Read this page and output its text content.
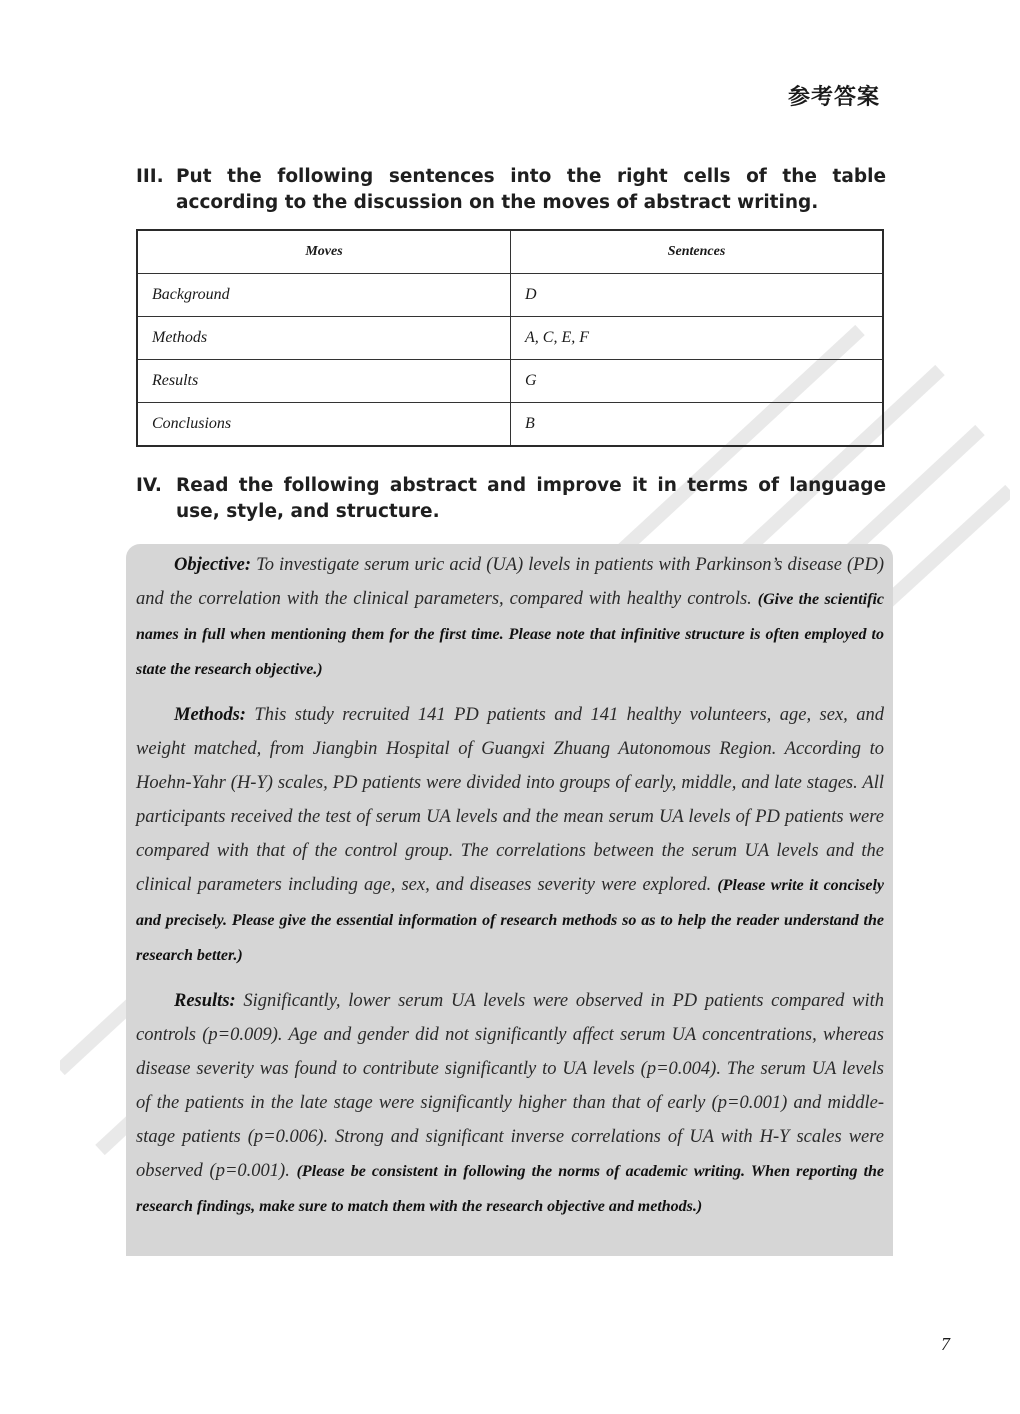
参考答案
III. Put the following sentences into the right cells of the table according to the discussion on the moves of abstract writing.
Moves	Sentences
Background	D
Methods	A, C, E, F
Results	G
Conclusions	B
IV. Read the following abstract and improve it in terms of language use, style, and structure.

Objective: To investigate serum uric acid (UA) levels in patients with Parkinson’s disease (PD) and the correlation with the clinical parameters, compared with healthy controls. (Give the scientific names in full when mentioning them for the first time. Please note that infinitive structure is often employed to state the research objective.)

Methods: This study recruited 141 PD patients and 141 healthy volunteers, age, sex, and weight matched, from Jiangbin Hospital of Guangxi Zhuang Autonomous Region. According to Hoehn-Yahr (H-Y) scales, PD patients were divided into groups of early, middle, and late stages. All participants received the test of serum UA levels and the mean serum UA levels of PD patients were compared with that of the control group. The correlations between the serum UA levels and the clinical parameters including age, sex, and diseases severity were explored. (Please write it concisely and precisely. Please give the essential information of research methods so as to help the reader understand the research better.)

Results: Significantly, lower serum UA levels were observed in PD patients compared with controls (p=0.009). Age and gender did not significantly affect serum UA concentrations, whereas disease severity was found to contribute significantly to UA levels (p=0.004). The serum UA levels of the patients in the late stage were significantly higher than that of early (p=0.001) and middle-stage patients (p=0.006). Strong and significant inverse correlations of UA with H-Y scales were observed (p=0.001). (Please be consistent in following the norms of academic writing. When reporting the research findings, make sure to match them with the research objective and methods.)

7
